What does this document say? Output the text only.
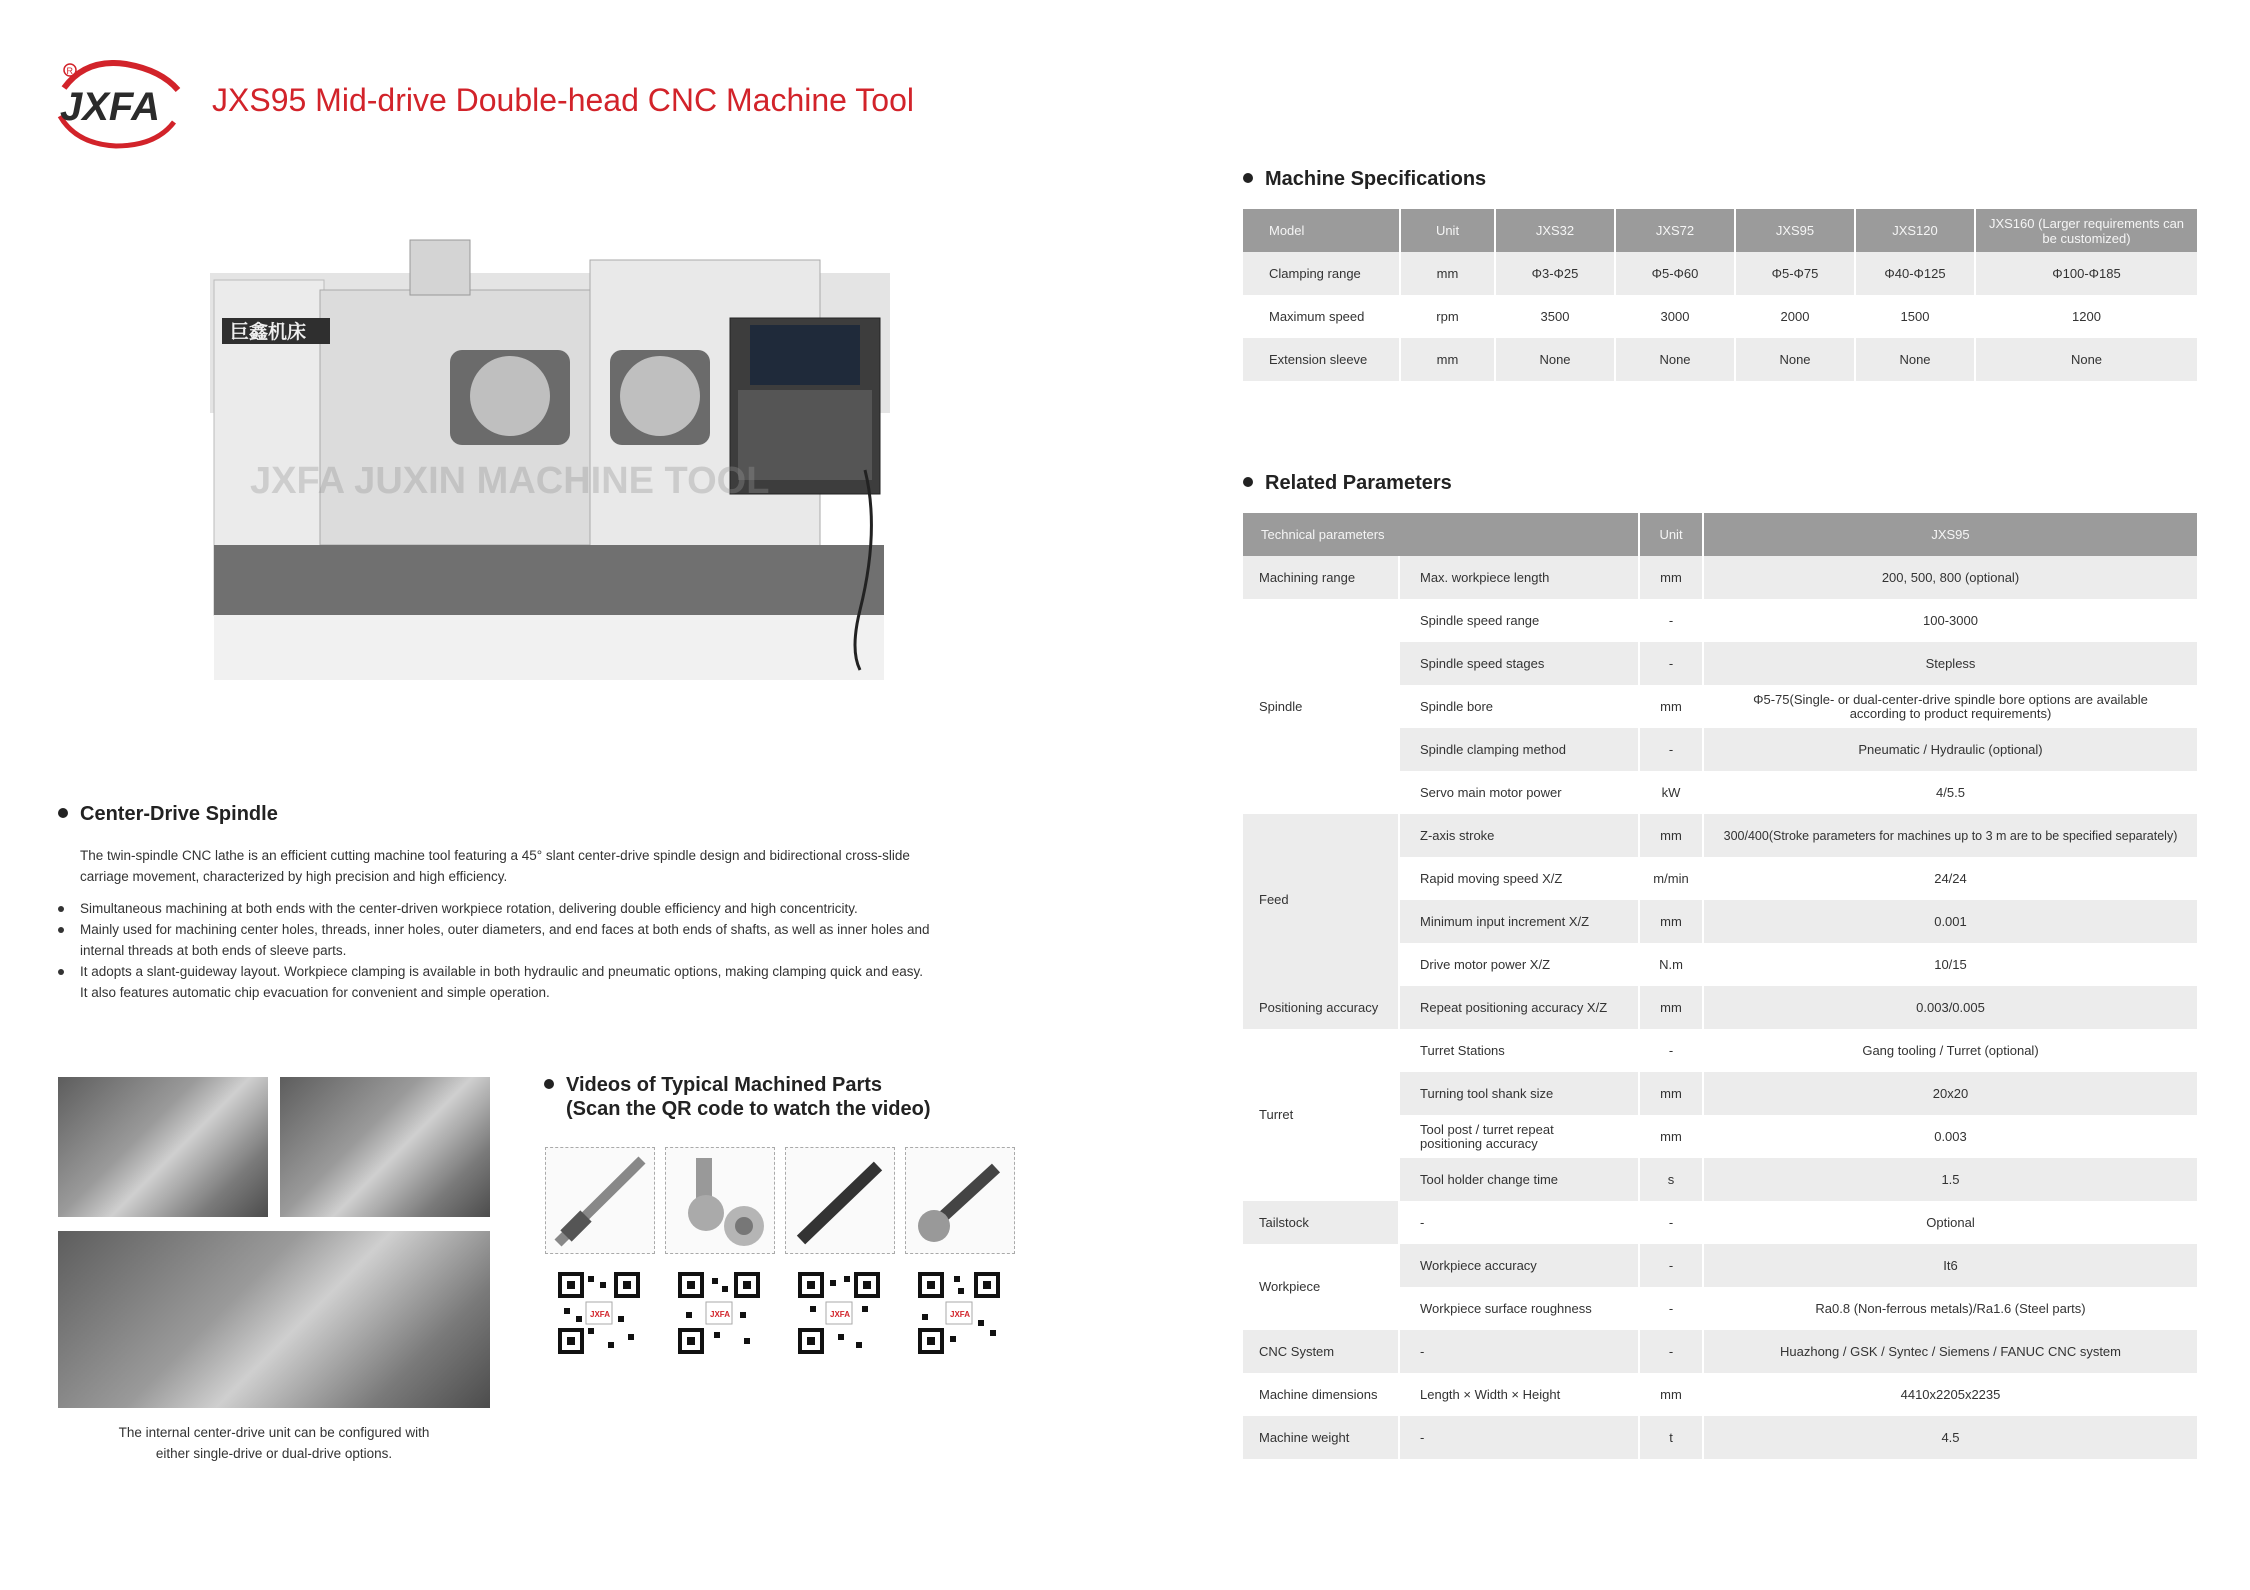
JXFA
R
JXS95 Mid-drive Double-head CNC Machine Tool
巨鑫机床
JXFA JUXIN MACHINE TOOL
Center-Drive Spindle
The twin-spindle CNC lathe is an efficient cutting machine tool featuring a 45° slant center-drive spindle design and bidirectional cross-slide
carriage movement, characterized by high precision and high efficiency.
Simultaneous machining at both ends with the center-driven workpiece rotation, delivering double efficiency and high concentricity.
Mainly used for machining center holes, threads, inner holes, outer diameters, and end faces at both ends of shafts, as well as inner holes and
internal threads at both ends of sleeve parts.
It adopts a slant-guideway layout. Workpiece clamping is available in both hydraulic and pneumatic options, making clamping quick and easy.
It also features automatic chip evacuation for convenient and simple operation.
The internal center-drive unit can be configured with
either single-drive or dual-drive options.
Videos of Typical Machined Parts
(Scan the QR code to watch the video)
JXFA	JXFA	JXFA	JXFA
Machine Specifications
Model	Unit	JXS32	JXS72	JXS95	JXS120	JXS160 (Larger requirements can be customized)
Clamping range	mm	Φ3-Φ25	Φ5-Φ60	Φ5-Φ75	Φ40-Φ125	Φ100-Φ185
Maximum speed	rpm	3500	3000	2000	1500	1200
Extension sleeve	mm	None	None	None	None	None
Related Parameters
Technical parameters		Unit	JXS95
Machining range	Max. workpiece length	mm	200, 500, 800 (optional)
Spindle	Spindle speed range	-	100-3000
	Spindle speed stages	-	Stepless
	Spindle bore	mm	Φ5-75(Single- or dual-center-drive spindle bore options are available according to product requirements)
	Spindle clamping method	-	Pneumatic / Hydraulic (optional)
	Servo main motor power	kW	4/5.5
Feed	Z-axis stroke	mm	300/400(Stroke parameters for machines up to 3 m are to be specified separately)
	Rapid moving speed X/Z	m/min	24/24
	Minimum input increment X/Z	mm	0.001
	Drive motor power X/Z	N.m	10/15
Positioning accuracy	Repeat positioning accuracy X/Z	mm	0.003/0.005
Turret	Turret Stations	-	Gang tooling / Turret (optional)
	Turning tool shank size	mm	20x20
	Tool post / turret repeat positioning accuracy	mm	0.003
	Tool holder change time	s	1.5
Tailstock	-	-	Optional
Workpiece	Workpiece accuracy	-	It6
	Workpiece surface roughness	-	Ra0.8 (Non-ferrous metals)/Ra1.6 (Steel parts)
CNC System	-	-	Huazhong / GSK / Syntec / Siemens / FANUC CNC system
Machine dimensions	Length × Width × Height	mm	4410x2205x2235
Machine weight	-	t	4.5
